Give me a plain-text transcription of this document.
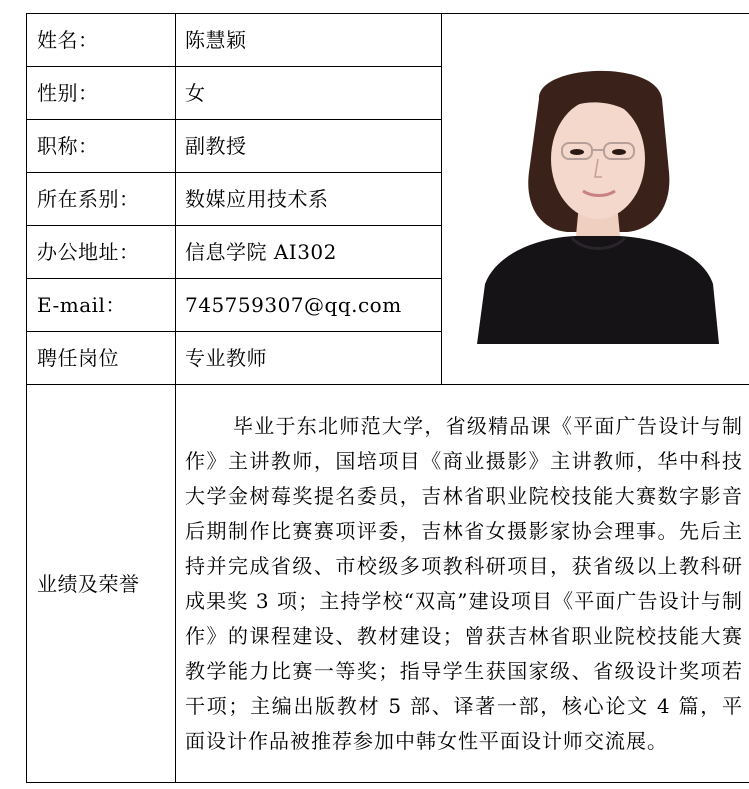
姓名：	陈慧颖	

性别：	女	
职称：	副教授	
所在系别：	数媒应用技术系	
办公地址：	信息学院 AI302	
E-mail：	745759307@qq.com	
聘任岗位	专业教师	
业绩及荣誉	毕业于东北师范大学，省级精品课《平面广告设计与制作》主讲教师，国培项目《商业摄影》主讲教师，华中科技大学金树莓奖提名委员，吉林省职业院校技能大赛数字影音后期制作比赛赛项评委，吉林省女摄影家协会理事。先后主持并完成省级、市校级多项教科研项目，获省级以上教科研成果奖 3 项；主持学校“双高”建设项目《平面广告设计与制作》的课程建设、教材建设；曾获吉林省职业院校技能大赛教学能力比赛一等奖；指导学生获国家级、省级设计奖项若干项；主编出版教材 5 部、译著一部，核心论文 4 篇，平面设计作品被推荐参加中韩女性平面设计师交流展。	
